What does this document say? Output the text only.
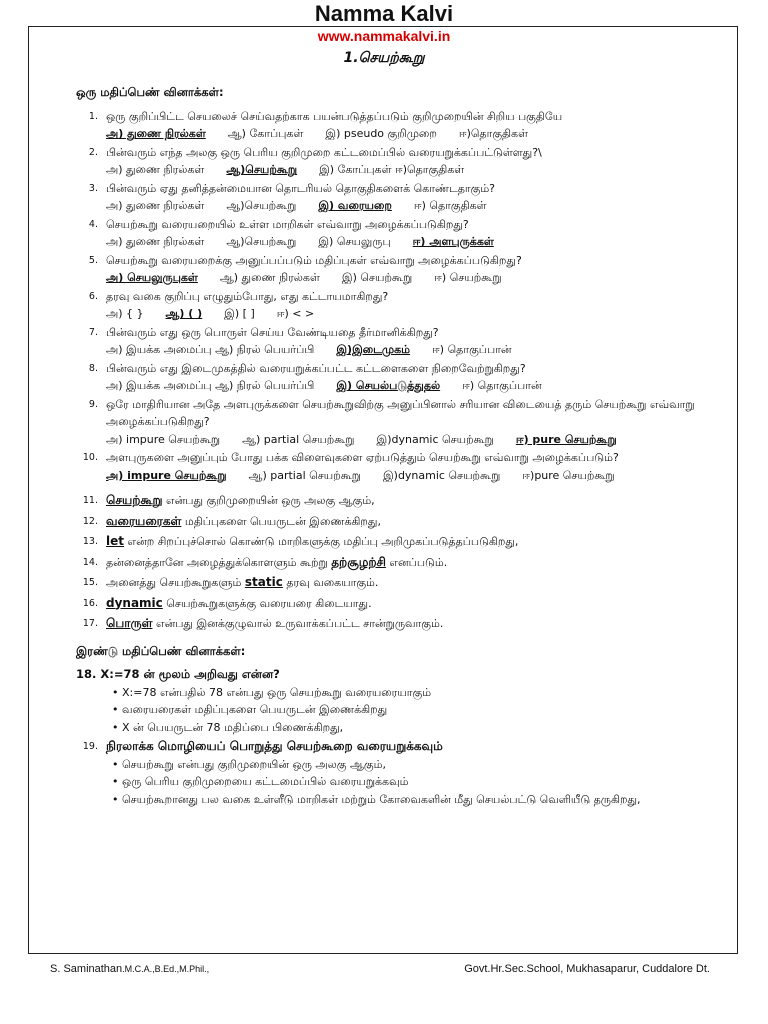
Namma Kalvi
www.nammakalvi.in
1.செயற்கூறு
ஒரு மதிப்பெண் வினாக்கள்:
1. ஒரு குறிப்பிட்ட செயலைச் செய்வதற்காக பயன்படுத்தப்படும் குறிமுறையின் சிறிய பகுதியே
அ) துணை நிரல்கள் ஆ) கோப்புகள் இ) pseudo குறிமுறை ஈ)தொகுதிகள்
2. பின்வரும் எந்த அலகு ஒரு பெரிய குறிமுறை கட்டமைப்பில் வரையறுக்கப்பட்டுள்ளது?\
அ) துணை நிரல்கள் ஆ)செயற்கூறு இ) கோப்புகள் ஈ)தொகுதிகள்
3. பின்வரும் ஏது தனித்தன்மையான தொடரியல் தொகுதிகளைக் கொண்டதாகும்?
அ) துணை நிரல்கள் ஆ)செயற்கூறு இ) வரையறை ஈ) தொகுதிகள்
4. செயற்கூறு வரையறையில் உள்ள மாறிகள் எவ்வாறு அழைக்கப்படுகிறது?
அ) துணை நிரல்கள் ஆ)செயற்கூறு இ) செயலுருபு ஈ) அளபுருக்கள்
5. செயற்கூறு வரையறைக்கு அனுப்பப்படும் மதிப்புகள் எவ்வாறு அழைக்கப்படுகிறது?
அ) செயலுருபுகள் ஆ) துணை நிரல்கள் இ) செயற்கூறு ஈ) செயற்கூறு
6. தரவு வகை குறிப்பு எழுதும்போது, எது கட்டாயமாகிறது?
அ) { } ஆ) ( ) இ) [ ] ஈ) < >
7. பின்வரும் எது ஒரு பொருள் செய்ய வேண்டியதை தீர்மானிக்கிறது?
அ) இயக்க அமைப்பு ஆ) நிரல் பெயர்ப்பி இ)இடைமுகம் ஈ) தொகுப்பான்
8. பின்வரும் எது இடைமுகத்தில் வரையறுக்கப்பட்ட கட்டளைகளை நிறைவேற்றுகிறது?
அ) இயக்க அமைப்பு ஆ) நிரல் பெயர்ப்பி இ) செயல்படுத்துதல் ஈ) தொகுப்பான்
9. ஒரே மாதிரியான அதே அளபுருக்களை செயற்கூறுவிற்கு அனுப்பினால் சரியான விடையைத் தரும் செயற்கூறு எவ்வாறு அழைக்கப்படுகிறது?
அ) impure செயற்கூறு ஆ) partial செயற்கூறு இ)dynamic செயற்கூறு ஈ) pure செயற்கூறு
10. அளபுருகளை அனுப்பும் போது பக்க விளைவுகளை ஏற்படுத்தும் செயற்கூறு எவ்வாறு அழைக்கப்படும்?
அ) impure செயற்கூறு ஆ) partial செயற்கூறு இ)dynamic செயற்கூறு ஈ)pure செயற்கூறு
11. செயற்கூறு என்பது குறிமுறையின் ஒரு அலகு ஆகும்,
12. வரையரைகள் மதிப்புகளை பெயருடன் இணைக்கிறது,
13. let என்ற சிறப்புச்சொல் கொண்டு மாறிகளுக்கு மதிப்பு அறிமுகப்படுத்தப்படுகிறது,
14. தன்னைத்தானே அழைத்துக்கொளளும் கூற்று தற்சூழற்சி எனப்படும்.
15. அனைத்து செயற்கூறுகளும் static தரவு வகையாகும்.
16. dynamic செயற்கூறுகளுக்கு வரையரை கிடையாது.
17. பொருள் என்பது இனக்குழுவால் உருவாக்கப்பட்ட சான்றுருவாகும்.
இரண்டு மதிப்பெண் வினாக்கள்:
18. X:=78 ன் மூலம் அறிவது என்ன?
• X:=78 என்பதில் 78 என்பது ஒரு செயற்கூறு வரையரையாகும்
• வரையரைகள் மதிப்புகளை பெயருடன் இணைக்கிறது
• X ன் பெயருடன் 78 மதிப்பை பிணைக்கிறது,
19. நிரலாக்க மொழியைப் பொறுத்து செயற்கூறை வரையறுக்கவும்
• செயற்கூறு என்பது குறிமுறையின் ஒரு அலகு ஆகும்,
• ஒரு பெரிய குறிமுறையை கட்டமைப்பில் வரையறுக்கவும்
• செயற்கூறானது பல வகை உள்ளீடு மாறிகள் மற்றும் கோவைகளின் மீது செயல்பட்டு வெளியீடு தருகிறது,
S. Saminathan.M.C.A.,B.Ed.,M.Phil.,	Govt.Hr.Sec.School, Mukhasaparur, Cuddalore Dt.
